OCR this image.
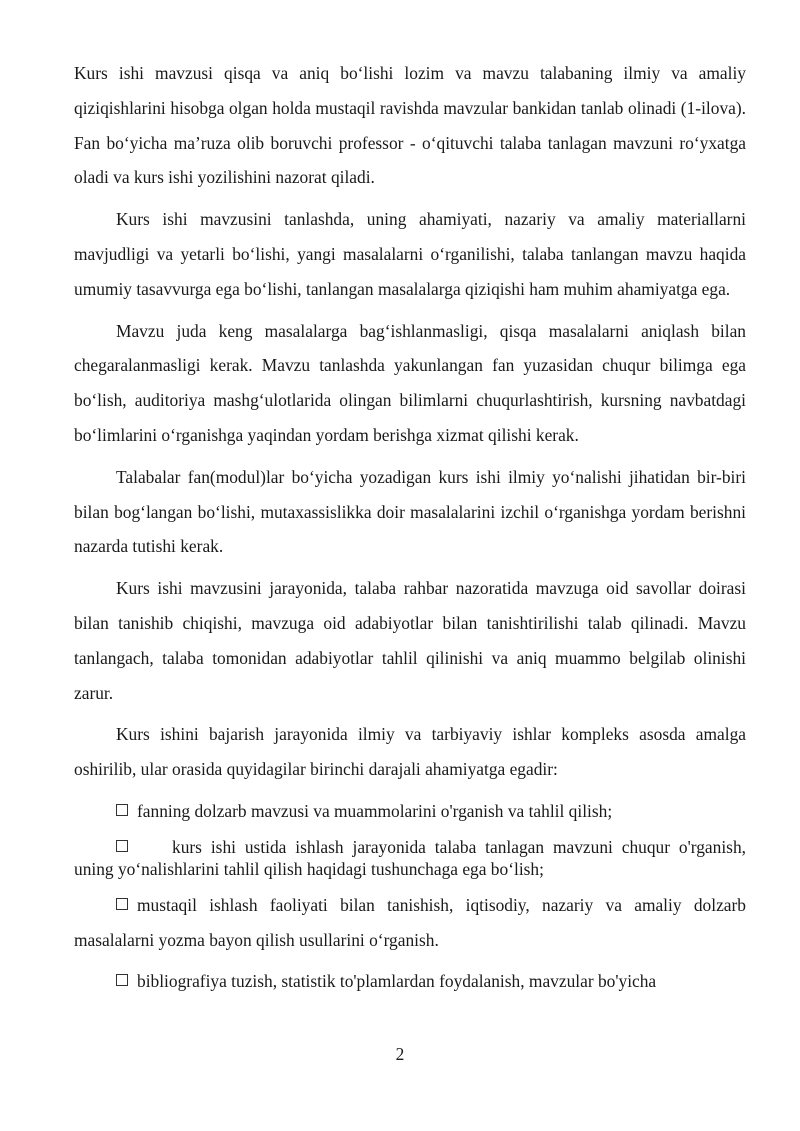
Kurs ishi mavzusi qisqa va aniq boʻlishi lozim va mavzu talabaning ilmiy va amaliy qiziqishlarini hisobga olgan holda mustaqil ravishda mavzular bankidan tanlab olinadi (1-ilova). Fan boʻyicha maʼruza olib boruvchi professor - oʻqituvchi talaba tanlagan mavzuni roʻyxatga oladi va kurs ishi yozilishini nazorat qiladi.

Kurs ishi mavzusini tanlashda, uning ahamiyati, nazariy va amaliy materiallarni mavjudligi va yetarli boʻlishi, yangi masalalarni oʻrganilishi, talaba tanlangan mavzu haqida umumiy tasavvurga ega boʻlishi, tanlangan masalalarga qiziqishi ham muhim ahamiyatga ega.

Mavzu juda keng masalalarga bagʻishlanmasligi, qisqa masalalarni aniqlash bilan chegaralanmasligi kerak. Mavzu tanlashda yakunlangan fan yuzasidan chuqur bilimga ega boʻlish, auditoriya mashgʻulotlarida olingan bilimlarni chuqurlashtirish, kursning navbatdagi boʻlimlarini oʻrganishga yaqindan yordam berishga xizmat qilishi kerak.

Talabalar fan(modul)lar boʻyicha yozadigan kurs ishi ilmiy yoʻnalishi jihatidan bir-biri bilan bogʻlangan boʻlishi, mutaxassislikka doir masalalarini izchil oʻrganishga yordam berishni nazarda tutishi kerak.

Kurs ishi mavzusini jarayonida, talaba rahbar nazoratida mavzuga oid savollar doirasi bilan tanishib chiqishi, mavzuga oid adabiyotlar bilan tanishtirilishi talab qilinadi. Mavzu tanlangach, talaba tomonidan adabiyotlar tahlil qilinishi va aniq muammo belgilab olinishi zarur.

Kurs ishini bajarish jarayonida ilmiy va tarbiyaviy ishlar kompleks asosda amalga oshirilib, ular orasida quyidagilar birinchi darajali ahamiyatga egadir:

fanning dolzarb mavzusi va muammolarini o'rganish va tahlil qilish;

kurs ishi ustida ishlash jarayonida talaba tanlagan mavzuni chuqur o'rganish, uning yoʻnalishlarini tahlil qilish haqidagi tushunchaga ega boʻlish;

mustaqil ishlash faoliyati bilan tanishish, iqtisodiy, nazariy va amaliy dolzarb masalalarni yozma bayon qilish usullarini oʻrganish.

bibliografiya tuzish, statistik to'plamlardan foydalanish, mavzular bo'yicha

2
